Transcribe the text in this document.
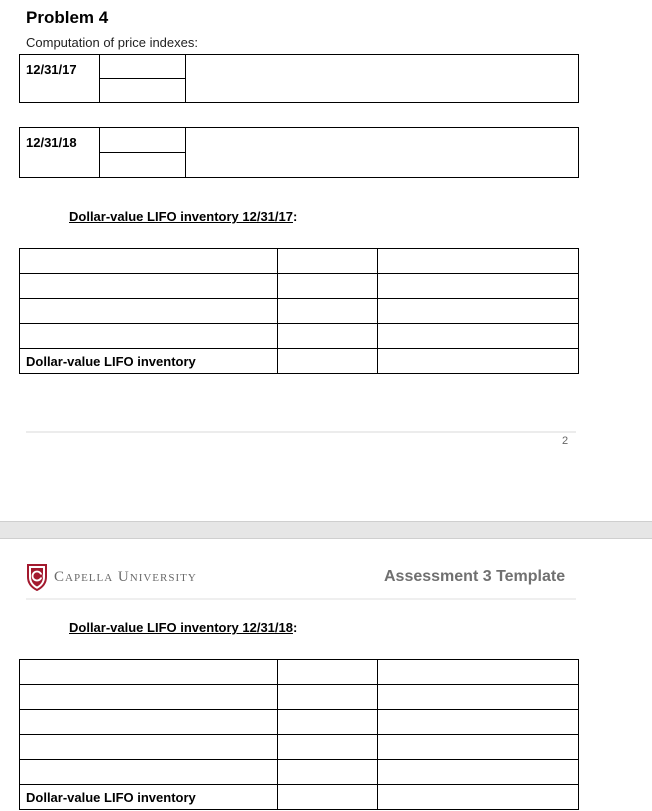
Problem 4
Computation of price indexes:
12/31/17		

12/31/18		

Dollar-value LIFO inventory 12/31/17:

Dollar-value LIFO inventory		
2
Capella University	Assessment 3 Template
Dollar-value LIFO inventory 12/31/18:

Dollar-value LIFO inventory		
